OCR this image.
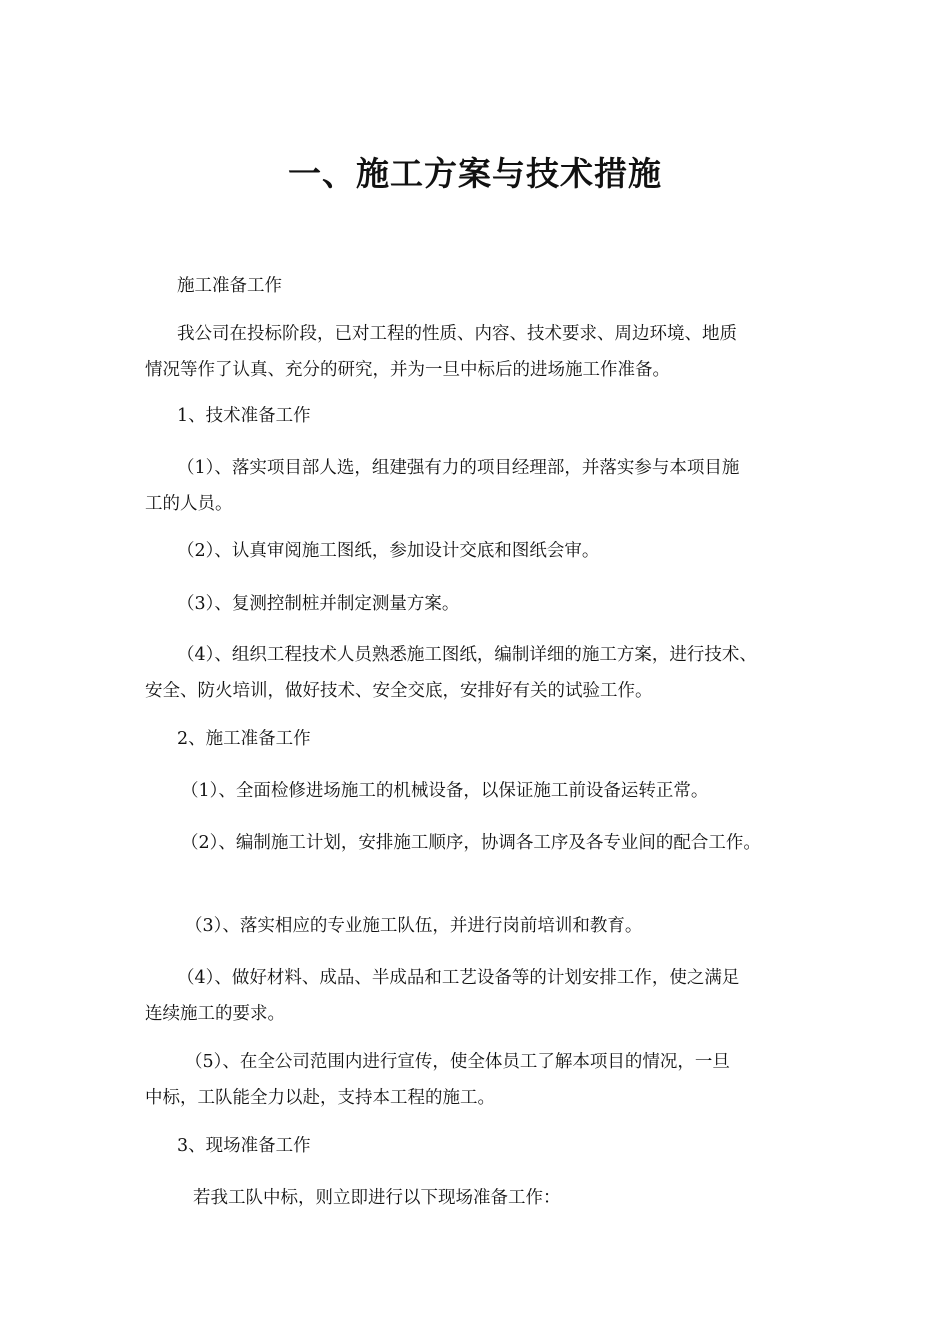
一、施工方案与技术措施

施工准备工作

我公司在投标阶段，已对工程的性质、内容、技术要求、周边环境、地质
情况等作了认真、充分的研究，并为一旦中标后的进场施工作准备。

1、技术准备工作

（1）、落实项目部人选，组建强有力的项目经理部，并落实参与本项目施
工的人员。

（2）、认真审阅施工图纸，参加设计交底和图纸会审。

（3）、复测控制桩并制定测量方案。

（4）、组织工程技术人员熟悉施工图纸，编制详细的施工方案，进行技术、
安全、防火培训，做好技术、安全交底，安排好有关的试验工作。

2、施工准备工作

（1）、全面检修进场施工的机械设备，以保证施工前设备运转正常。

（2）、编制施工计划，安排施工顺序，协调各工序及各专业间的配合工作。

（3）、落实相应的专业施工队伍，并进行岗前培训和教育。

（4）、做好材料、成品、半成品和工艺设备等的计划安排工作，使之满足
连续施工的要求。

（5）、在全公司范围内进行宣传，使全体员工了解本项目的情况，一旦
中标，工队能全力以赴，支持本工程的施工。

3、现场准备工作

若我工队中标，则立即进行以下现场准备工作：
